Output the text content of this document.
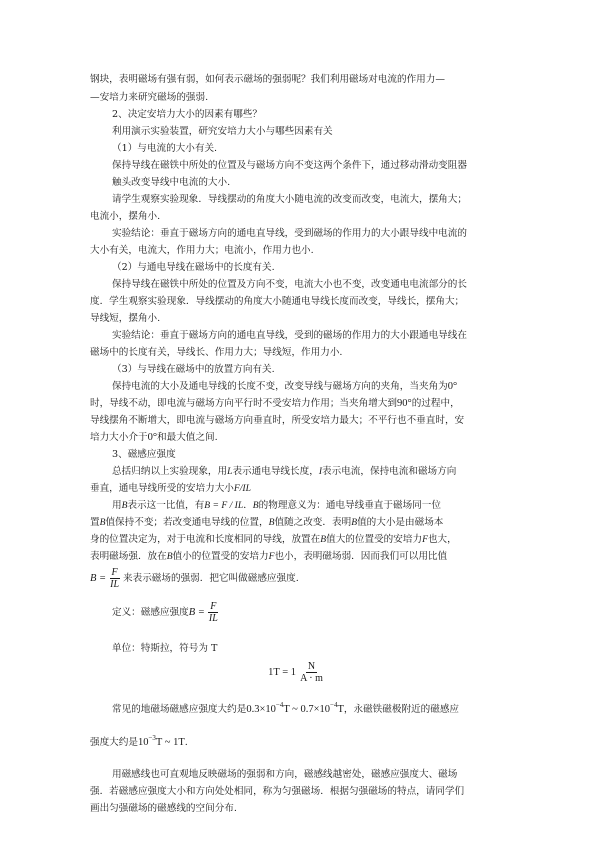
钢块，表明磁场有强有弱，如何表示磁场的强弱呢？我们利用磁场对电流的作用力—
—安培力来研究磁场的强弱.
2、决定安培力大小的因素有哪些？
利用演示实验装置，研究安培力大小与哪些因素有关
（1）与电流的大小有关.
保持导线在磁铁中所处的位置及与磁场方向不变这两个条件下，通过移动滑动变阻器
触头改变导线中电流的大小.
请学生观察实验现象．导线摆动的角度大小随电流的改变而改变，电流大，摆角大；
电流小，摆角小.
实验结论：垂直于磁场方向的通电直导线，受到磁场的作用力的大小跟导线中电流的
大小有关，电流大，作用力大；电流小，作用力也小.
（2）与通电导线在磁场中的长度有关.
保持导线在磁铁中所处的位置及方向不变，电流大小也不变，改变通电电流部分的长
度．学生观察实验现象．导线摆动的角度大小随通电导线长度而改变，导线长，摆角大；
导线短，摆角小.
实验结论：垂直于磁场方向的通电直导线，受到的磁场的作用力的大小跟通电导线在
磁场中的长度有关，导线长、作用力大；导线短，作用力小.
（3）与导线在磁场中的放置方向有关.
保持电流的大小及通电导线的长度不变，改变导线与磁场方向的夹角，当夹角为0°
时，导线不动，即电流与磁场方向平行时不受安培力作用；当夹角增大到90°的过程中，
导线摆角不断增大，即电流与磁场方向垂直时，所受安培力最大；不平行也不垂直时，安
培力大小介于0°和最大值之间.
3、磁感应强度
总括归纳以上实验现象，用L表示通电导线长度，I表示电流，保持电流和磁场方向
垂直，通电导线所受的安培力大小F/IL
用B表示这一比值，有B = F / IL．B的物理意义为：通电导线垂直于磁场同一位
置B值保持不变；若改变通电导线的位置，B值随之改变．表明B值的大小是由磁场本
身的位置决定为，对于电流和长度相同的导线，放置在B值大的位置受的安培力F也大，
表明磁场强．放在B值小的位置受的安培力F也小，表明磁场弱．因而我们可以用比值
$B = \frac{F}{IL}$ 来表示磁场的强弱．把它叫做磁感应强度.
定义：磁感应强度$B = \frac{F}{IL}$
单位：特斯拉，符号为 T
$1T = 1 \frac{N}{A \cdot m}$
常见的地磁场磁感应强度大约是$0.3\times 10^{-4}T$ ~ $0.7\times 10^{-4}T$，永磁铁磁极附近的磁感应
强度大约是$10^{-3}T$ ~ 1T.
用磁感线也可直观地反映磁场的强弱和方向，磁感线越密处，磁感应强度大、磁场
强．若磁感应强度大小和方向处处相同，称为匀强磁场．根据匀强磁场的特点，请同学们
画出匀强磁场的磁感线的空间分布.
